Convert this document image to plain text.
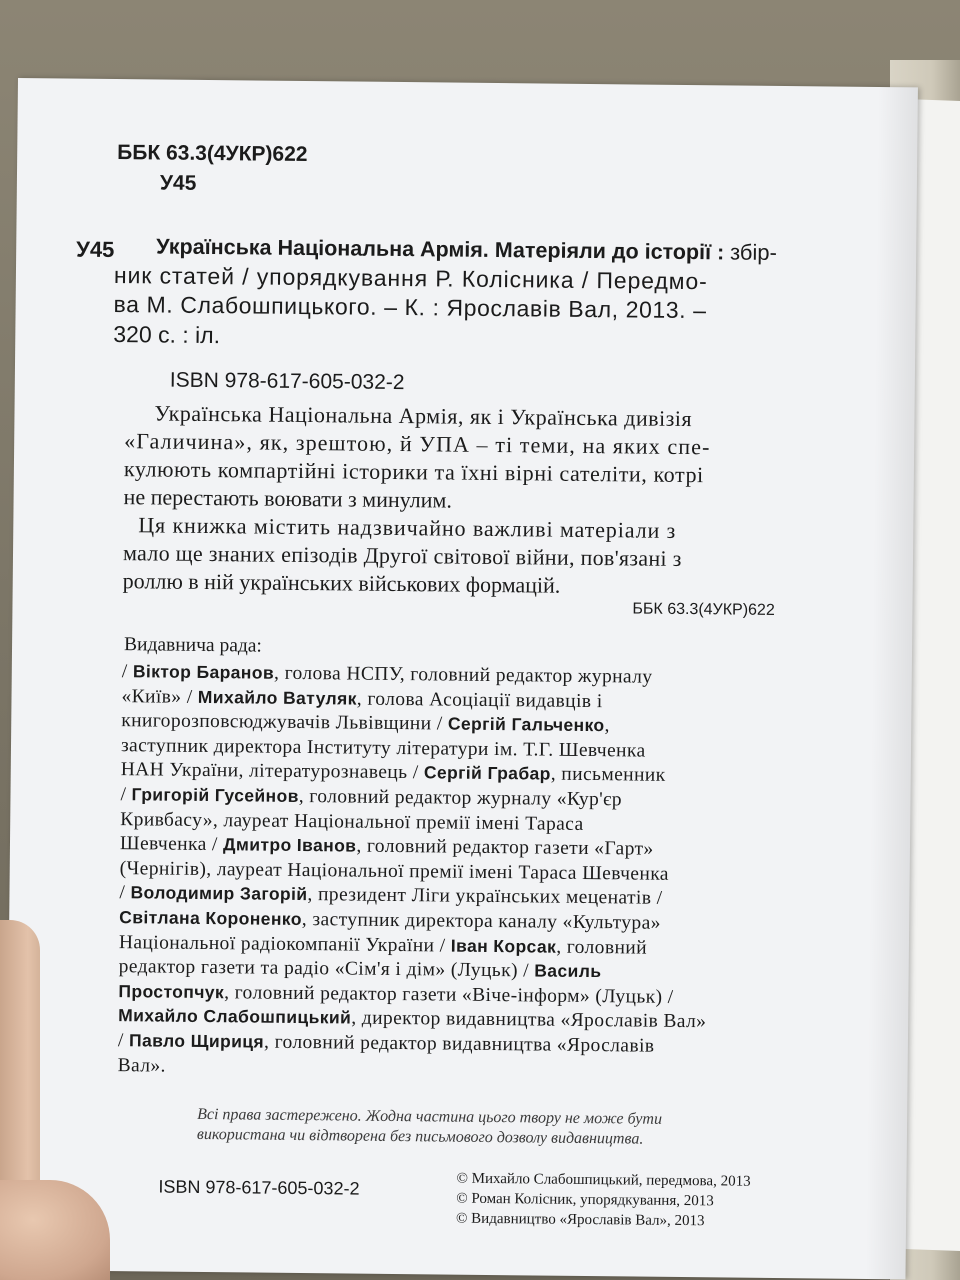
ББК 63.3(4УКР)622
У45
У45 Українська Національна Армія. Матеріяли до історії : збір-
ник статей / упорядкування Р. Колісника / Передмо-
ва М. Слабошпицького. – К. : Ярославів Вал, 2013. –
320 с. : іл.
ISBN 978-617-605-032-2
Українська Національна Армія, як і Українська дивізія
«Галичина», як, зрештою, й УПА – ті теми, на яких спе-
кулюють компартійні історики та їхні вірні сателіти, котрі
не перестають воювати з минулим.
Ця книжка містить надзвичайно важливі матеріали з
мало ще знаних епізодів Другої світової війни, пов'язані з
роллю в ній українських військових формацій.
ББК 63.3(4УКР)622
Видавнича рада:
/ Віктор Баранов, голова НСПУ, головний редактор журналу
«Київ» / Михайло Ватуляк, голова Асоціації видавців і
книгорозповсюджувачів Львівщини / Сергій Гальченко,
заступник директора Інституту літератури ім. Т.Г. Шевченка
НАН України, літературознавець / Сергій Грабар, письменник
/ Григорій Гусейнов, головний редактор журналу «Кур'єр
Кривбасу», лауреат Національної премії імені Тараса
Шевченка / Дмитро Іванов, головний редактор газети «Гарт»
(Чернігів), лауреат Національної премії імені Тараса Шевченка
/ Володимир Загорій, президент Ліги українських меценатів /
Світлана Короненко, заступник директора каналу «Культура»
Національної радіокомпанії України / Іван Корсак, головний
редактор газети та радіо «Сім'я і дім» (Луцьк) / Василь
Простопчук, головний редактор газети «Віче-інформ» (Луцьк) /
Михайло Слабошпицький, директор видавництва «Ярославів Вал»
/ Павло Щириця, головний редактор видавництва «Ярославів
Вал».
Всі права застережено. Жодна частина цього твору не може бути
використана чи відтворена без письмового дозволу видавництва.
ISBN 978-617-605-032-2	© Михайло Слабошпицький, передмова, 2013
© Роман Колісник, упорядкування, 2013
© Видавництво «Ярославів Вал», 2013
